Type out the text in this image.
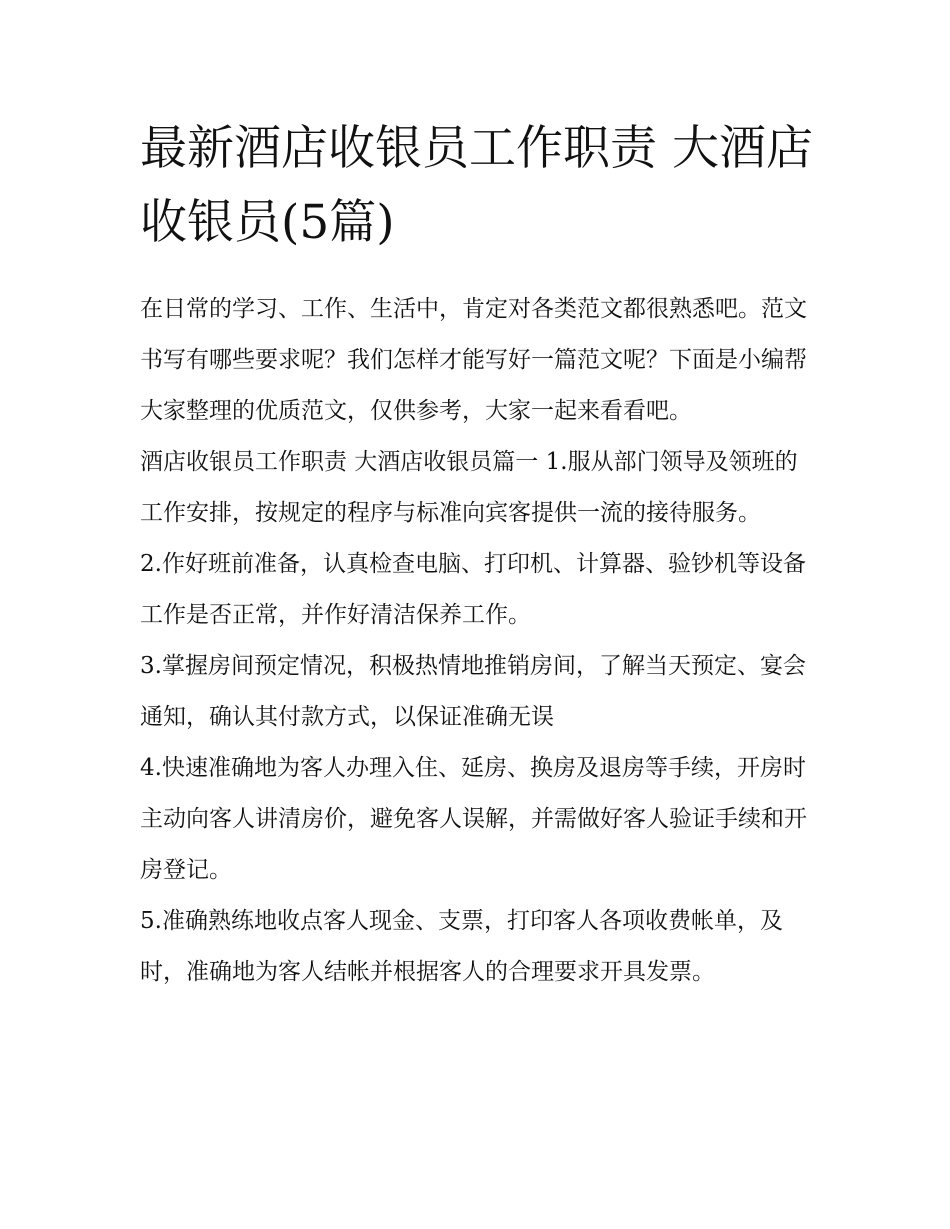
最新酒店收银员工作职责 大酒店收银员(5篇)

在日常的学习、工作、生活中，肯定对各类范文都很熟悉吧。范文书写有哪些要求呢？我们怎样才能写好一篇范文呢？下面是小编帮大家整理的优质范文，仅供参考，大家一起来看看吧。

酒店收银员工作职责 大酒店收银员篇一 1.服从部门领导及领班的工作安排，按规定的程序与标准向宾客提供一流的接待服务。

2.作好班前准备，认真检查电脑、打印机、计算器、验钞机等设备工作是否正常，并作好清洁保养工作。

3.掌握房间预定情况，积极热情地推销房间，了解当天预定、宴会通知，确认其付款方式，以保证准确无误

4.快速准确地为客人办理入住、延房、换房及退房等手续，开房时主动向客人讲清房价，避免客人误解，并需做好客人验证手续和开房登记。

5.准确熟练地收点客人现金、支票，打印客人各项收费帐单，及时，准确地为客人结帐并根据客人的合理要求开具发票。
